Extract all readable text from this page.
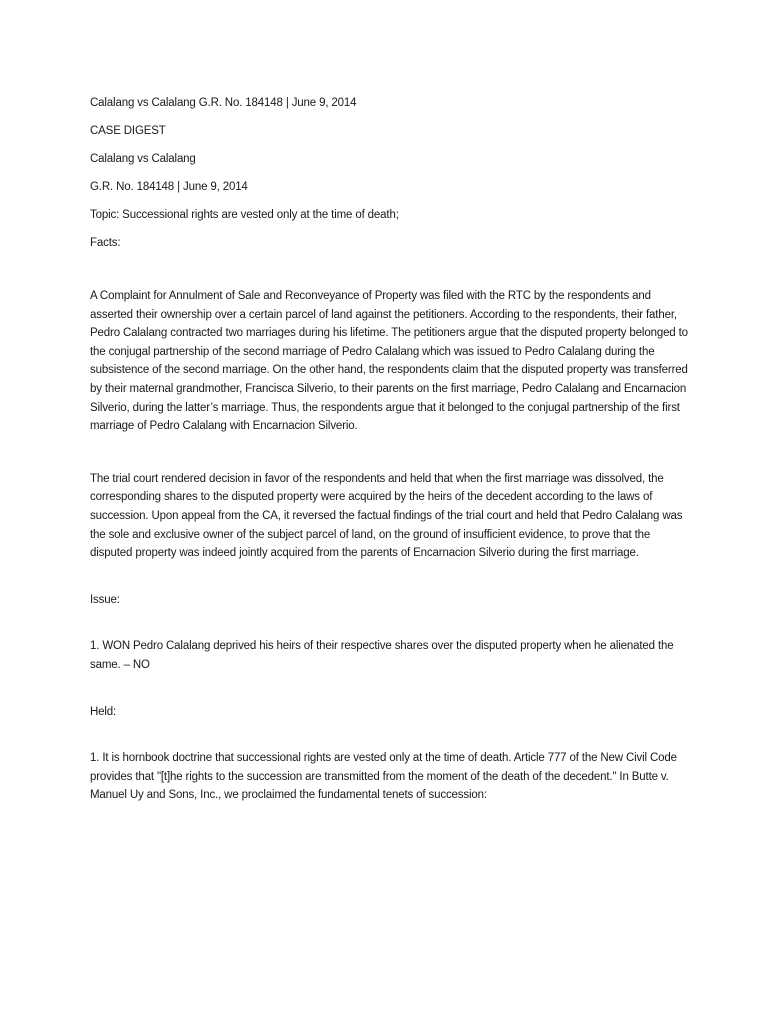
Calalang vs Calalang G.R. No. 184148 | June 9, 2014

CASE DIGEST

Calalang vs Calalang

G.R. No. 184148 | June 9, 2014

Topic: Successional rights are vested only at the time of death;

Facts:

A Complaint for Annulment of Sale and Reconveyance of Property was filed with the RTC by the respondents and asserted their ownership over a certain parcel of land against the petitioners. According to the respondents, their father, Pedro Calalang contracted two marriages during his lifetime. The petitioners argue that the disputed property belonged to the conjugal partnership of the second marriage of Pedro Calalang which was issued to Pedro Calalang during the subsistence of the second marriage. On the other hand, the respondents claim that the disputed property was transferred by their maternal grandmother, Francisca Silverio, to their parents on the first marriage, Pedro Calalang and Encarnacion Silverio, during the latter’s marriage. Thus, the respondents argue that it belonged to the conjugal partnership of the first marriage of Pedro Calalang with Encarnacion Silverio.

The trial court rendered decision in favor of the respondents and held that when the first marriage was dissolved, the corresponding shares to the disputed property were acquired by the heirs of the decedent according to the laws of succession. Upon appeal from the CA, it reversed the factual findings of the trial court and held that Pedro Calalang was the sole and exclusive owner of the subject parcel of land, on the ground of insufficient evidence, to prove that the disputed property was indeed jointly acquired from the parents of Encarnacion Silverio during the first marriage.

Issue:

1. WON Pedro Calalang deprived his heirs of their respective shares over the disputed property when he alienated the same. – NO

Held:

1. It is hornbook doctrine that successional rights are vested only at the time of death. Article 777 of the New Civil Code provides that "[t]he rights to the succession are transmitted from the moment of the death of the decedent." In Butte v. Manuel Uy and Sons, Inc., we proclaimed the fundamental tenets of succession:
